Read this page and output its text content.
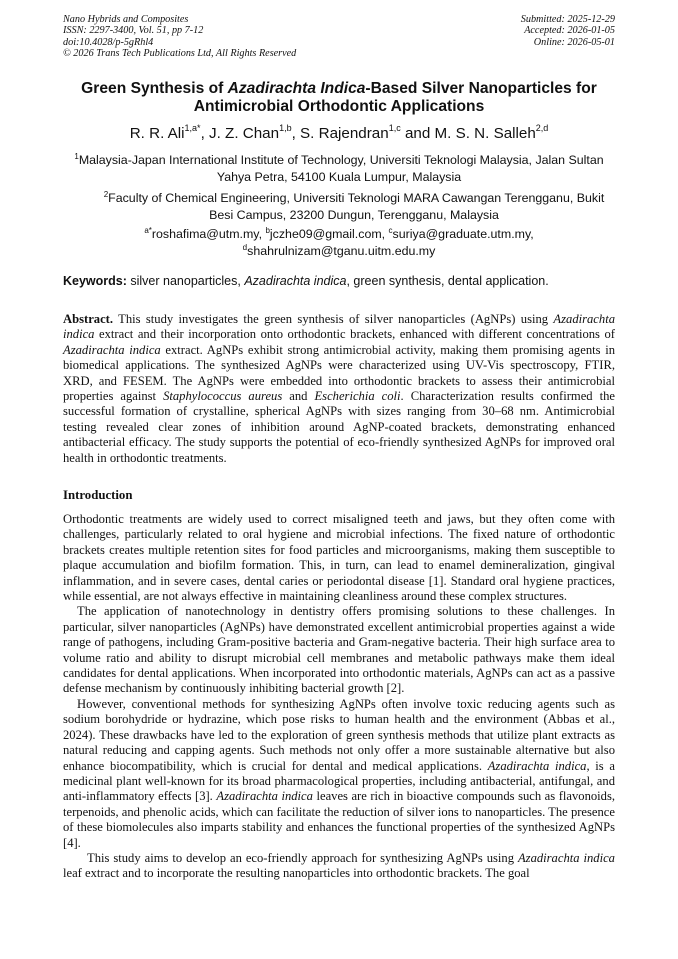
Nano Hybrids and Composites
ISSN: 2297-3400, Vol. 51, pp 7-12
doi:10.4028/p-5gRhl4
© 2026 Trans Tech Publications Ltd, All Rights Reserved
Submitted: 2025-12-29
Accepted: 2026-01-05
Online: 2026-05-01
Green Synthesis of Azadirachta Indica-Based Silver Nanoparticles for
Antimicrobial Orthodontic Applications
R. R. Ali$^{1,a*}$, J. Z. Chan$^{1,b}$, S. Rajendran$^{1,c}$ and M. S. N. Salleh$^{2,d}$
$^1$Malaysia-Japan International Institute of Technology, Universiti Teknologi Malaysia, Jalan Sultan Yahya Petra, 54100 Kuala Lumpur, Malaysia
$^2$Faculty of Chemical Engineering, Universiti Teknologi MARA Cawangan Terengganu, Bukit Besi Campus, 23200 Dungun, Terengganu, Malaysia
$^{a*}$roshafima@utm.my, $^b$jczhe09@gmail.com, $^c$suriya@graduate.utm.my,
$^d$shahrulnizam@tganu.uitm.edu.my
Keywords: silver nanoparticles, Azadirachta indica, green synthesis, dental application.

Abstract. This study investigates the green synthesis of silver nanoparticles (AgNPs) using Azadirachta indica extract and their incorporation onto orthodontic brackets, enhanced with different concentrations of Azadirachta indica extract. AgNPs exhibit strong antimicrobial activity, making them promising agents in biomedical applications. The synthesized AgNPs were characterized using UV-Vis spectroscopy, FTIR, XRD, and FESEM. The AgNPs were embedded into orthodontic brackets to assess their antimicrobial properties against Staphylococcus aureus and Escherichia coli. Characterization results confirmed the successful formation of crystalline, spherical AgNPs with sizes ranging from 30–68 nm. Antimicrobial testing revealed clear zones of inhibition around AgNP-coated brackets, demonstrating enhanced antibacterial efficacy. The study supports the potential of eco-friendly synthesized AgNPs for improved oral health in orthodontic treatments.

Introduction

Orthodontic treatments are widely used to correct misaligned teeth and jaws, but they often come with challenges, particularly related to oral hygiene and microbial infections. The fixed nature of orthodontic brackets creates multiple retention sites for food particles and microorganisms, making them susceptible to plaque accumulation and biofilm formation. This, in turn, can lead to enamel demineralization, gingival inflammation, and in severe cases, dental caries or periodontal disease [1]. Standard oral hygiene practices, while essential, are not always effective in maintaining cleanliness around these complex structures.

The application of nanotechnology in dentistry offers promising solutions to these challenges. In particular, silver nanoparticles (AgNPs) have demonstrated excellent antimicrobial properties against a wide range of pathogens, including Gram-positive bacteria and Gram-negative bacteria. Their high surface area to volume ratio and ability to disrupt microbial cell membranes and metabolic pathways make them ideal candidates for dental applications. When incorporated into orthodontic materials, AgNPs can act as a passive defense mechanism by continuously inhibiting bacterial growth [2].

However, conventional methods for synthesizing AgNPs often involve toxic reducing agents such as sodium borohydride or hydrazine, which pose risks to human health and the environment (Abbas et al., 2024). These drawbacks have led to the exploration of green synthesis methods that utilize plant extracts as natural reducing and capping agents. Such methods not only offer a more sustainable alternative but also enhance biocompatibility, which is crucial for dental and medical applications. Azadirachta indica, is a medicinal plant well-known for its broad pharmacological properties, including antibacterial, antifungal, and anti-inflammatory effects [3]. Azadirachta indica leaves are rich in bioactive compounds such as flavonoids, terpenoids, and phenolic acids, which can facilitate the reduction of silver ions to nanoparticles. The presence of these biomolecules also imparts stability and enhances the functional properties of the synthesized AgNPs [4].

This study aims to develop an eco-friendly approach for synthesizing AgNPs using Azadirachta indica leaf extract and to incorporate the resulting nanoparticles into orthodontic brackets. The goal
